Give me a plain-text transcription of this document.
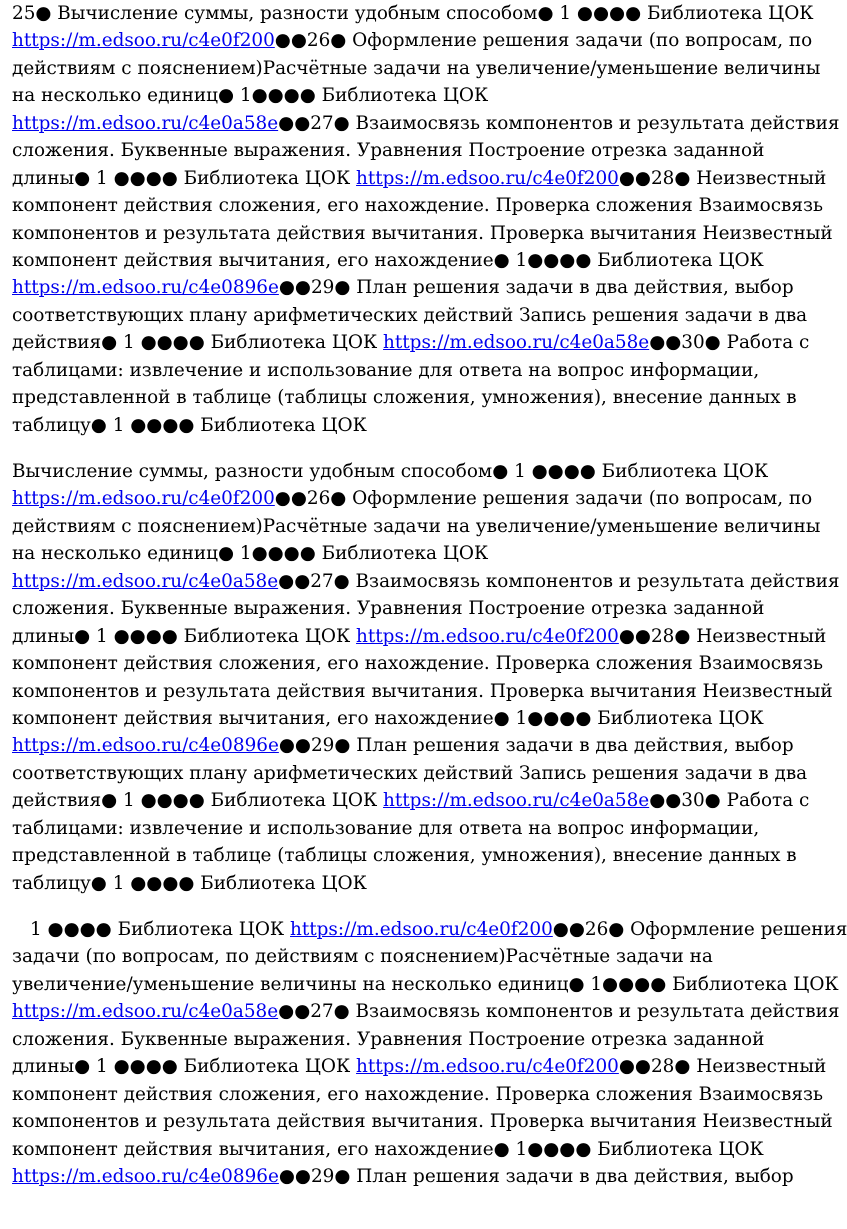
25● Вычисление суммы, разности удобным способом● 1 ●●●● Библиотека ЦОК
https://m.edsoo.ru/c4e0f200●●26● Оформление решения задачи (по вопросам, по
действиям с пояснением)Расчётные задачи на увеличение/уменьшение величины
на несколько единиц● 1●●●● Библиотека ЦОК
https://m.edsoo.ru/c4e0a58e●●27● Взаимосвязь компонентов и результата действия
сложения. Буквенные выражения. Уравнения Построение отрезка заданной
длины● 1 ●●●● Библиотека ЦОК https://m.edsoo.ru/c4e0f200●●28● Неизвестный
компонент действия сложения, его нахождение. Проверка сложения Взаимосвязь
компонентов и результата действия вычитания. Проверка вычитания Неизвестный
компонент действия вычитания, его нахождение● 1●●●● Библиотека ЦОК
https://m.edsoo.ru/c4e0896e●●29● План решения задачи в два действия, выбор
соответствующих плану арифметических действий Запись решения задачи в два
действия● 1 ●●●● Библиотека ЦОК https://m.edsoo.ru/c4e0a58e●●30● Работа с
таблицами: извлечение и использование для ответа на вопрос информации,
представленной в таблице (таблицы сложения, умножения), внесение данных в
таблицу● 1 ●●●● Библиотека ЦОК
Вычисление суммы, разности удобным способом● 1 ●●●● Библиотека ЦОК
https://m.edsoo.ru/c4e0f200●●26● Оформление решения задачи (по вопросам, по
действиям с пояснением)Расчётные задачи на увеличение/уменьшение величины
на несколько единиц● 1●●●● Библиотека ЦОК
https://m.edsoo.ru/c4e0a58e●●27● Взаимосвязь компонентов и результата действия
сложения. Буквенные выражения. Уравнения Построение отрезка заданной
длины● 1 ●●●● Библиотека ЦОК https://m.edsoo.ru/c4e0f200●●28● Неизвестный
компонент действия сложения, его нахождение. Проверка сложения Взаимосвязь
компонентов и результата действия вычитания. Проверка вычитания Неизвестный
компонент действия вычитания, его нахождение● 1●●●● Библиотека ЦОК
https://m.edsoo.ru/c4e0896e●●29● План решения задачи в два действия, выбор
соответствующих плану арифметических действий Запись решения задачи в два
действия● 1 ●●●● Библиотека ЦОК https://m.edsoo.ru/c4e0a58e●●30● Работа с
таблицами: извлечение и использование для ответа на вопрос информации,
представленной в таблице (таблицы сложения, умножения), внесение данных в
таблицу● 1 ●●●● Библиотека ЦОК
1 ●●●● Библиотека ЦОК https://m.edsoo.ru/c4e0f200●●26● Оформление решения
задачи (по вопросам, по действиям с пояснением)Расчётные задачи на
увеличение/уменьшение величины на несколько единиц● 1●●●● Библиотека ЦОК
https://m.edsoo.ru/c4e0a58e●●27● Взаимосвязь компонентов и результата действия
сложения. Буквенные выражения. Уравнения Построение отрезка заданной
длины● 1 ●●●● Библиотека ЦОК https://m.edsoo.ru/c4e0f200●●28● Неизвестный
компонент действия сложения, его нахождение. Проверка сложения Взаимосвязь
компонентов и результата действия вычитания. Проверка вычитания Неизвестный
компонент действия вычитания, его нахождение● 1●●●● Библиотека ЦОК
https://m.edsoo.ru/c4e0896e●●29● План решения задачи в два действия, выбор
